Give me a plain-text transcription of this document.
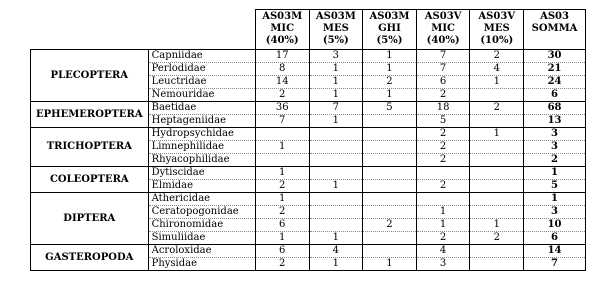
		AS03M
MIC
(40%)	AS03M
MES
(5%)	AS03M
GHI
(5%)	AS03V
MIC
(40%)	AS03V
MES
(10%)	AS03
SOMMA
PLECOPTERA	Capniidae	17	3	1	7	2	30
	Perlodidae	8	1	1	7	4	21
	Leuctridae	14	1	2	6	1	24
	Nemouridae	2	1	1	2		6
EPHEMEROPTERA	Baetidae	36	7	5	18	2	68
	Heptageniidae	7	1		5		13
TRICHOPTERA	Hydropsychidae				2	1	3
	Limnephilidae	1			2		3
	Rhyacophilidae				2		2
COLEOPTERA	Dytiscidae	1					1
	Elmidae	2	1		2		5
DIPTERA	Athericidae	1					1
	Ceratopogonidae	2			1		3
	Chironomidae	6		2	1	1	10
	Simuliidae	1	1		2	2	6
GASTEROPODA	Acroloxidae	6	4		4		14
	Physidae	2	1	1	3		7
